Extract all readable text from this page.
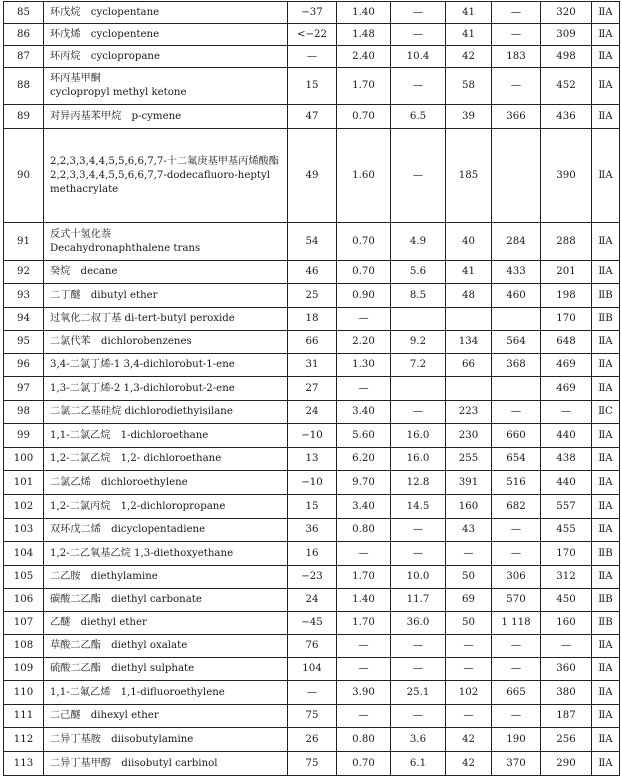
85	环戊烷　cyclopentane	−37	1.40	—	41	—	320	ⅡA
86	环戊烯　cyclopentene	<−22	1.48	—	41	—	309	ⅡA
87	环丙烷　cyclopropane	—	2.40	10.4	42	183	498	ⅡA
88	环丙基甲酮
cyclopropyl methyl ketone	15	1.70	—	58	—	452	ⅡA
89	对异丙基苯甲烷　p-cymene	47	0.70	6.5	39	366	436	ⅡA
90	2,2,3,3,4,4,5,5,6,6,7,7-十二氟庚基甲基丙烯酸酯
2,2,3,3,4,4,5,5,6,6,7,7-dodecafluoro-heptyl methacrylate	49	1.60	—	185		390	ⅡA
91	反式十氢化萘
Decahydronaphthalene trans	54	0.70	4.9	40	284	288	ⅡA
92	癸烷　decane	46	0.70	5.6	41	433	201	ⅡA
93	二丁醚　dibutyl ether	25	0.90	8.5	48	460	198	ⅡB
94	过氧化二叔丁基 di-tert-butyl peroxide	18	—				170	ⅡB
95	二氯代苯　dichlorobenzenes	66	2.20	9.2	134	564	648	ⅡA
96	3,4-二氯丁烯-1 3,4-dichlorobut-1-ene	31	1.30	7.2	66	368	469	ⅡA
97	1,3-二氯丁烯-2 1,3-dichlorobut-2-ene	27	—				469	ⅡA
98	二氯二乙基硅烷 dichlorodiethyisilane	24	3.40	—	223	—	—	ⅡC
99	1,1-二氯乙烷　1-dichloroethane	−10	5.60	16.0	230	660	440	ⅡA
100	1,2-二氯乙烷　1,2- dichloroethane	13	6.20	16.0	255	654	438	ⅡA
101	二氯乙烯　dichloroethylene	−10	9.70	12.8	391	516	440	ⅡA
102	1,2-二氯丙烷　1,2-dichloropropane	15	3.40	14.5	160	682	557	ⅡA
103	双环戊二烯　dicyclopentadiene	36	0.80	—	43	—	455	ⅡA
104	1,2-二乙氧基乙烷 1,3-diethoxyethane	16	—	—	—	—	170	ⅡB
105	二乙胺　diethylamine	−23	1.70	10.0	50	306	312	ⅡA
106	碳酸二乙酯　diethyl carbonate	24	1.40	11.7	69	570	450	ⅡB
107	乙醚　diethyl ether	−45	1.70	36.0	50	1 118	160	ⅡB
108	草酸二乙酯　diethyl oxalate	76	—	—	—	—	—	ⅡA
109	硫酸二乙酯　diethyl sulphate	104	—	—	—	—	360	ⅡA
110	1,1-二氟乙烯　1,1-difluoroethylene	—	3.90	25.1	102	665	380	ⅡA
111	二己醚　dihexyl ether	75	—	—	—	—	187	ⅡA
112	二异丁基胺　diisobutylamine	26	0.80	3.6	42	190	256	ⅡA
113	二异丁基甲醇　diisobutyl carbinol	75	0.70	6.1	42	370	290	ⅡA
